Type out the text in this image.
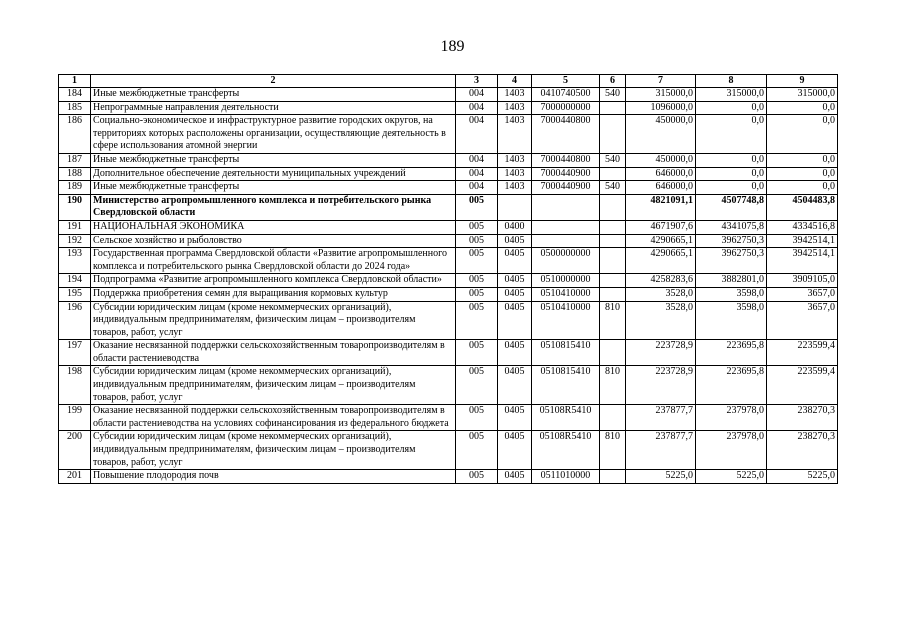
189
1	2	3	4	5	6	7	8	9
184	Иные межбюджетные трансферты	004	1403	0410740500	540	315000,0	315000,0	315000,0
185	Непрограммные направления деятельности	004	1403	7000000000		1096000,0	0,0	0,0
186	Социально-экономическое и инфраструктурное развитие городских округов, на территориях которых расположены организации, осуществляющие деятельность в сфере использования атомной энергии	004	1403	7000440800		450000,0	0,0	0,0
187	Иные межбюджетные трансферты	004	1403	7000440800	540	450000,0	0,0	0,0
188	Дополнительное обеспечение деятельности муниципальных учреждений	004	1403	7000440900		646000,0	0,0	0,0
189	Иные межбюджетные трансферты	004	1403	7000440900	540	646000,0	0,0	0,0
190	Министерство агропромышленного комплекса и потребительского рынка Свердловской области	005				4821091,1	4507748,8	4504483,8
191	НАЦИОНАЛЬНАЯ ЭКОНОМИКА	005	0400			4671907,6	4341075,8	4334516,8
192	Сельское хозяйство и рыболовство	005	0405			4290665,1	3962750,3	3942514,1
193	Государственная программа Свердловской области «Развитие агропромышленного комплекса и потребительского рынка Свердловской области до 2024 года»	005	0405	0500000000		4290665,1	3962750,3	3942514,1
194	Подпрограмма «Развитие агропромышленного комплекса Свердловской области»	005	0405	0510000000		4258283,6	3882801,0	3909105,0
195	Поддержка приобретения семян для выращивания кормовых культур	005	0405	0510410000		3528,0	3598,0	3657,0
196	Субсидии юридическим лицам (кроме некоммерческих организаций), индивидуальным предпринимателям, физическим лицам – производителям товаров, работ, услуг	005	0405	0510410000	810	3528,0	3598,0	3657,0
197	Оказание несвязанной поддержки сельскохозяйственным товаропроизводителям в области растениеводства	005	0405	0510815410		223728,9	223695,8	223599,4
198	Субсидии юридическим лицам (кроме некоммерческих организаций), индивидуальным предпринимателям, физическим лицам – производителям товаров, работ, услуг	005	0405	0510815410	810	223728,9	223695,8	223599,4
199	Оказание несвязанной поддержки сельскохозяйственным товаропроизводителям в области растениеводства на условиях софинансирования из федерального бюджета	005	0405	05108R5410		237877,7	237978,0	238270,3
200	Субсидии юридическим лицам (кроме некоммерческих организаций), индивидуальным предпринимателям, физическим лицам – производителям товаров, работ, услуг	005	0405	05108R5410	810	237877,7	237978,0	238270,3
201	Повышение плодородия почв	005	0405	0511010000		5225,0	5225,0	5225,0
